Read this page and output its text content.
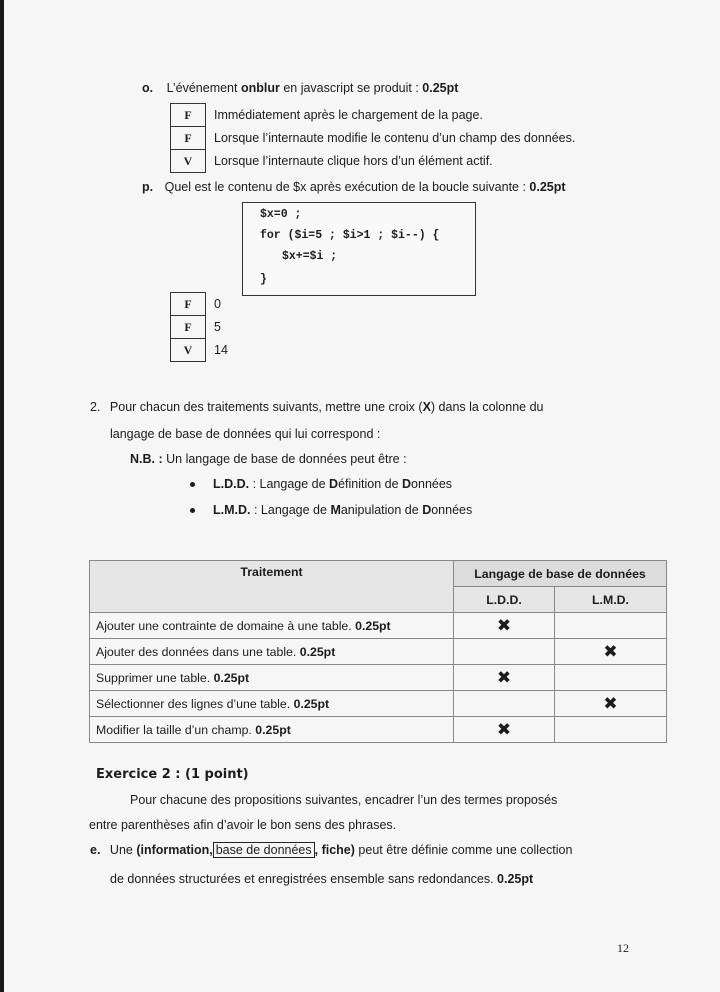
o. L’événement onblur en javascript se produit : 0.25pt
F	Immédiatement après le chargement de la page.
F	Lorsque l’internaute modifie le contenu d’un champ des données.
V	Lorsque l’internaute clique hors d’un élément actif.
p. Quel est le contenu de $x après exécution de la boucle suivante : 0.25pt
$x=0 ;
for ($i=5 ; $i>1 ; $i--) {
$x+=$i ;
}
F	0
F	5
V	14
2. Pour chacun des traitements suivants, mettre une croix (X) dans la colonne du
langage de base de données qui lui correspond :
N.B. : Un langage de base de données peut être :
L.D.D. : Langage de Définition de Données
L.M.D. : Langage de Manipulation de Données
Traitement	Langage de base de données	
	L.D.D.	L.M.D.
Ajouter une contrainte de domaine à une table. 0.25pt	✖	
Ajouter des données dans une table. 0.25pt		✖
Supprimer une table. 0.25pt	✖	
Sélectionner des lignes d’une table. 0.25pt		✖
Modifier la taille d’un champ. 0.25pt	✖	
Exercice 2 : (1 point)
Pour chacune des propositions suivantes, encadrer l’un des termes proposés
entre parenthèses afin d’avoir le bon sens des phrases.
e. Une (information, base de données , fiche) peut être définie comme une collection
de données structurées et enregistrées ensemble sans redondances. 0.25pt
12
